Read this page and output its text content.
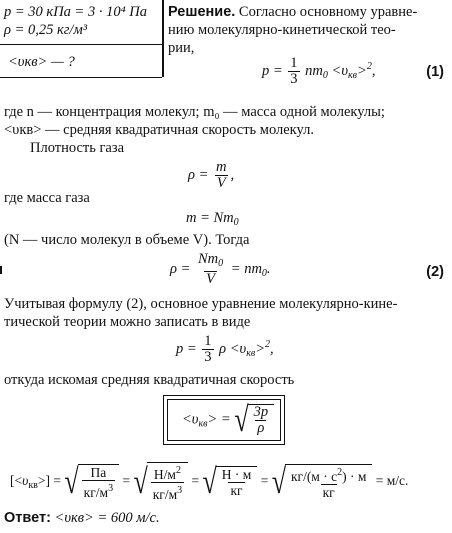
p = 30 кПа = 3 · 10⁴ Па
ρ = 0,25 кг/м³
<υкв> — ?
Решение. Согласно основному уравне-
нию молекулярно-кинетической тео-
рии,
$p = \frac{1}{3} nm_0 <\upsilon_{кв}>^2$,	(1)
где n — концентрация молекул; m₀ — масса одной молекулы;
<υкв> — средняя квадратичная скорость молекул.
Плотность газа
$\rho = \frac{m}{V}$ ,
где масса газа
$m = Nm_0$
(N — число молекул в объеме V). Тогда
$\rho = \frac{Nm_0}{V} = nm_0$.	(2)
Учитывая формулу (2), основное уравнение молекулярно-кине-
тической теории можно записать в виде
$p = \frac{1}{3}$ $\rho <\upsilon_{кв}>^2$,
откуда искомая средняя квадратичная скорость
$<\upsilon_{кв}>$ = √ $\frac{3p}{\rho}$
$[<\upsilon_{кв}>]$ = √ $\frac{Па}{кг/м^3}$ = √ $\frac{Н/м^2}{кг/м^3}$ = √ $\frac{Н \cdot м}{кг}$ = √ $\frac{кг/(м \cdot с^2) \cdot м}{кг} = м/с$.
Ответ: <υкв> = 600 м/с.
